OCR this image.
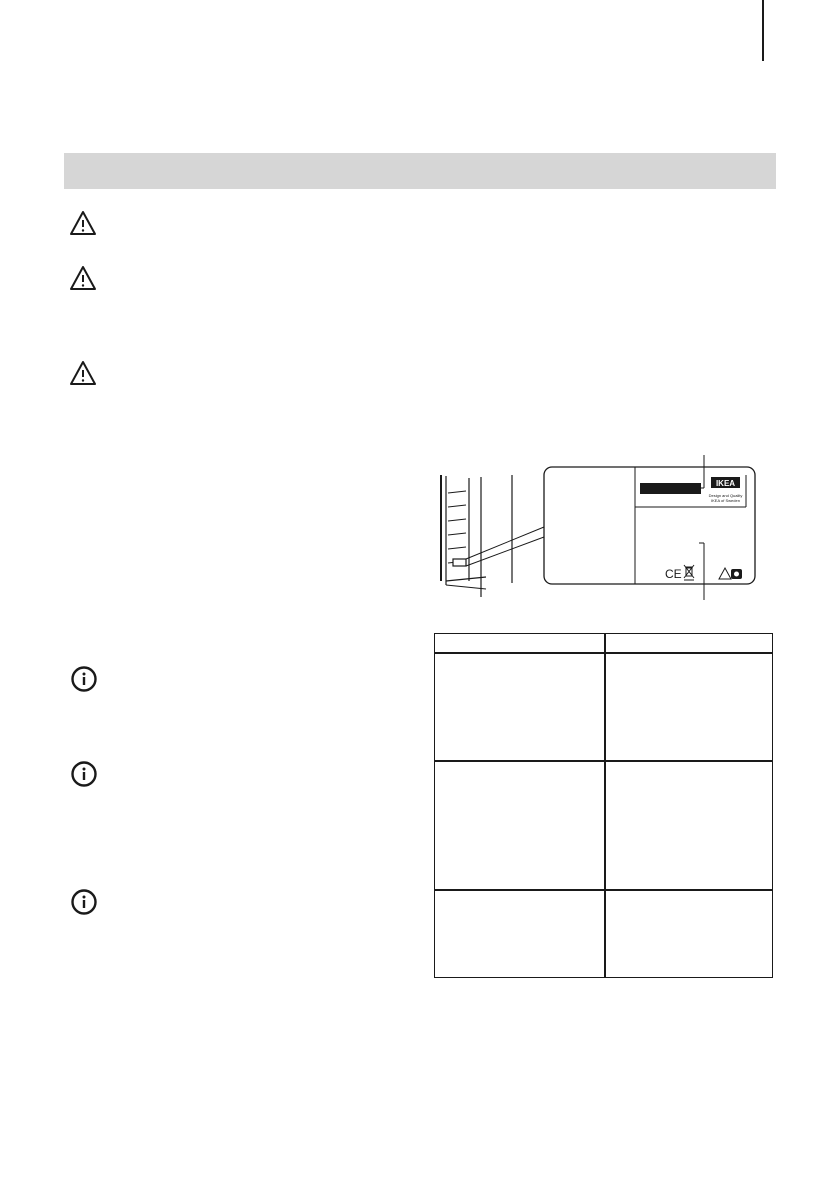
IKEA
Design and Quality
IKEA of Sweden
CE
